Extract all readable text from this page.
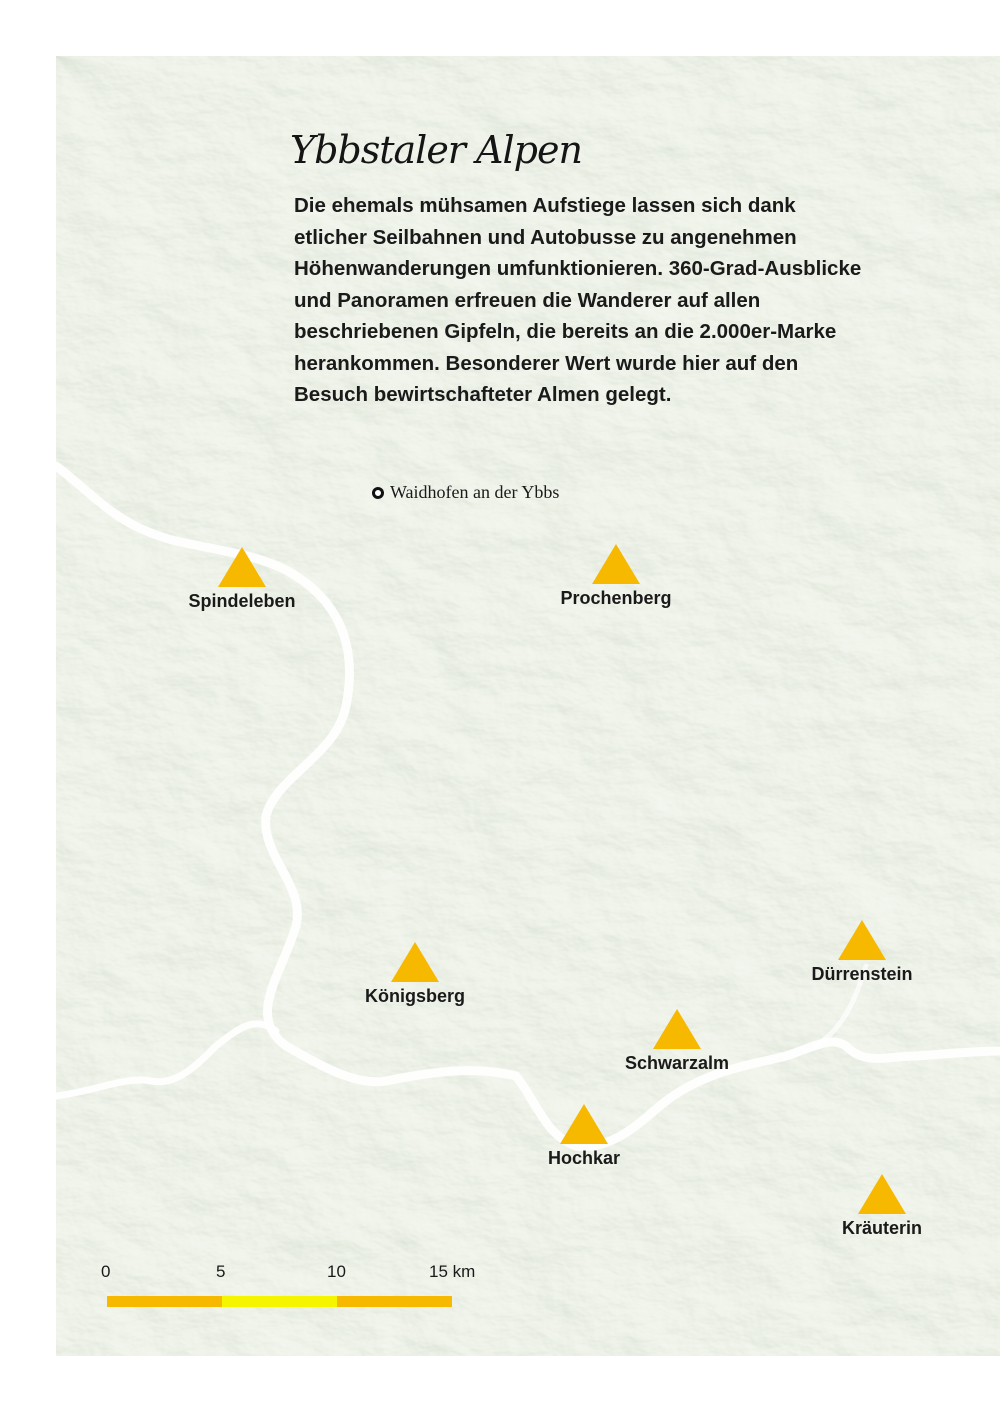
Ybbstaler Alpen

Die ehemals mühsamen Aufstiege lassen sich dank etlicher Seilbahnen und Autobusse zu angenehmen Höhenwanderungen umfunktionieren. 360-Grad-Ausblicke und Panoramen erfreuen die Wanderer auf allen beschriebenen Gipfeln, die bereits an die 2.000er-Marke herankommen. Besonderer Wert wurde hier auf den Besuch bewirtschafteter Almen gelegt.

Waidhofen an der Ybbs
Spindeleben	Prochenberg
Königsberg
Dürrenstein
Schwarzalm
Hochkar
Kräuterin
0	5	10	15 km
